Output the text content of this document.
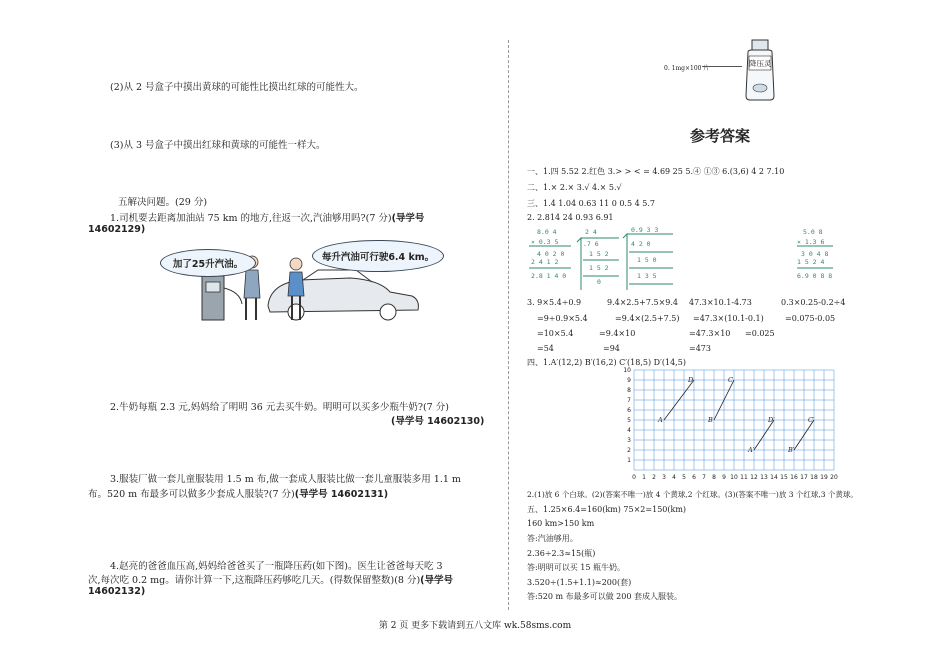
(2)从 2 号盒子中摸出黄球的可能性比摸出红球的可能性大。
(3)从 3 号盒子中摸出红球和黄球的可能性一样大。
五解决问题。(29 分)
1.司机要去距离加油站 75 km 的地方,往返一次,汽油够用吗?(7 分)(导学号
14602129)
加了25升汽油。
每升汽油可行驶6.4 km。
2.牛奶每瓶 2.3 元,妈妈给了明明 36 元去买牛奶。明明可以买多少瓶牛奶?(7 分)
(导学号 14602130)
3.服装厂做一套儿童服装用 1.5 m 布,做一套成人服装比做一套儿童服装多用 1.1 m
布。520 m 布最多可以做多少套成人服装?(7 分)(导学号 14602131)
4.赵亮的爸爸血压高,妈妈给爸爸买了一瓶降压药(如下图)。医生让爸爸每天吃 3
次,每次吃 0.2 mg。请你计算一下,这瓶降压药够吃几天。(得数保留整数)(8 分)(导学号
14602132)
降压灵
0. 1mg×100 片
参考答案
一、1.四 5.52 2.红色 3.> > < = 4.69 25 5.④ ①③ 6.(3,6) 4 2 7.10
二、1.× 2.× 3.√ 4.× 5.√
三、1.4 1.04 0.63 11 0 0.5 4 5.7
2. 2.814 24 0.93 6.91
8.0 4
× 0.3 5
4 0 2 0
2 4 1 2
2.8 1 4 0
2 4
.7 6
1 5 2
1 5 2
0
0.9 3 3
4 2 0
1 5 0
1 3 5
5.0 8
× 1.3 6
3 0 4 8
1 5 2 4
6.9 0 8 8
3. 9×5.4÷0.9	9.4×2.5+7.5×9.4 47.3×10.1-4.73	0.3×0.25-0.2÷4
=9÷0.9×5.4	=9.4×(2.5+7.5) =47.3×(10.1-0.1)	=0.075-0.05
=10×5.4	=9.4×10	=47.3×10 =0.025
=54	=94	=473
四、1.A′(12,2) B′(16,2) C′(18,5) D′(14,5)
0 1 2 3 4 5 6 7 8 9 10 11 12 13 14 15 16 17 18 19 20
1
2
3
4
5
6
7
8
9
10
A	B
C
D
A′	B′
C′
D′
2.(1)放 6 个白球。(2)(答案不唯一)放 4 个黄球,2 个红球。(3)(答案不唯一)放 3 个红球,3 个黄球。
五、1.25×6.4=160(km) 75×2=150(km)
160 km>150 km
答:汽油够用。
2.36÷2.3≈15(瓶)
答:明明可以买 15 瓶牛奶。
3.520÷(1.5+1.1)≈200(套)
答:520 m 布最多可以做 200 套成人服装。
第 2 页 更多下载请到五八文库 wk.58sms.com
